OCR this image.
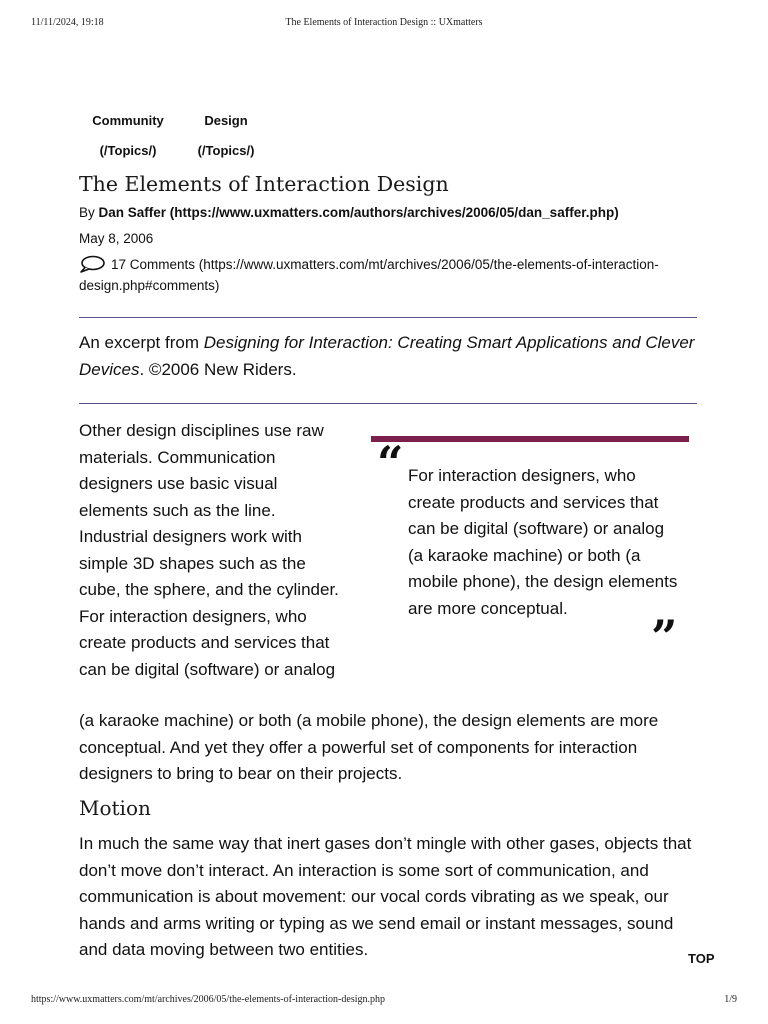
11/11/2024, 19:18	The Elements of Interaction Design :: UXmatters
Community
(/Topics/)
Design
(/Topics/)
The Elements of Interaction Design
By Dan Saffer (https://www.uxmatters.com/authors/archives/2006/05/dan_saffer.php)
May 8, 2006
17 Comments (https://www.uxmatters.com/mt/archives/2006/05/the-elements-of-interaction-design.php#comments)

An excerpt from Designing for Interaction: Creating Smart Applications and Clever Devices. ©2006 New Riders.

Other design disciplines use raw materials. Communication designers use basic visual elements such as the line. Industrial designers work with simple 3D shapes such as the cube, the sphere, and the cylinder. For interaction designers, who create products and services that can be digital (software) or analog

“ For interaction designers, who create products and services that can be digital (software) or analog (a karaoke machine) or both (a mobile phone), the design elements are more conceptual.

”

(a karaoke machine) or both (a mobile phone), the design elements are more conceptual. And yet they offer a powerful set of components for interaction designers to bring to bear on their projects.

Motion

In much the same way that inert gases don’t mingle with other gases, objects that don’t move don’t interact. An interaction is some sort of communication, and communication is about movement: our vocal cords vibrating as we speak, our hands and arms writing or typing as we send email or instant messages, sound and data moving between two entities.	TOP
https://www.uxmatters.com/mt/archives/2006/05/the-elements-of-interaction-design.php	1/9
